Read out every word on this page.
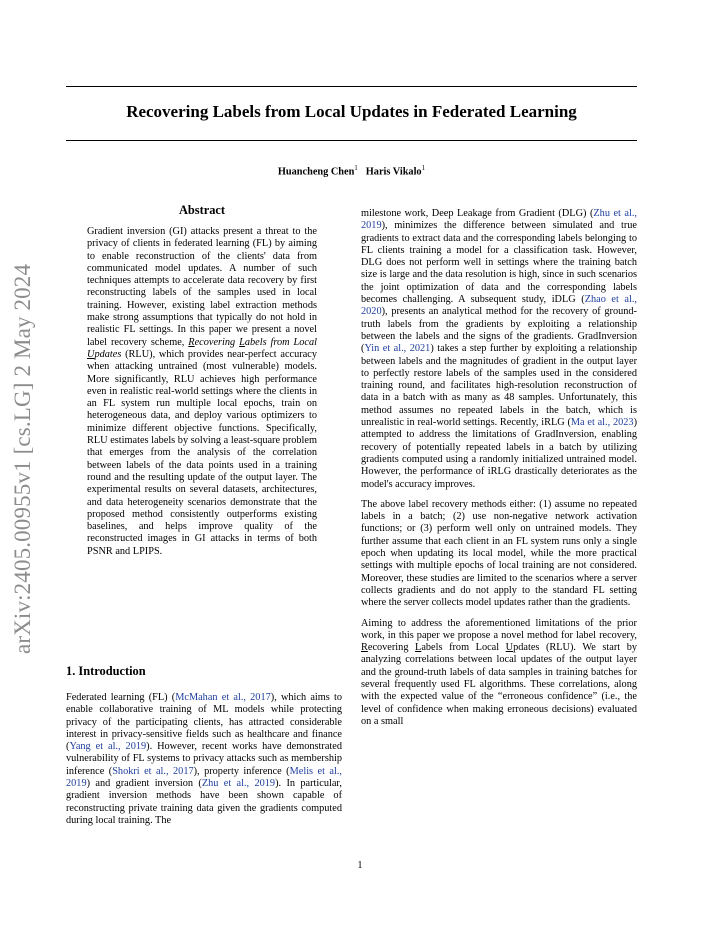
Recovering Labels from Local Updates in Federated Learning
Huancheng Chen$^1$ Haris Vikalo$^1$
arXiv:2405.00955v1 [cs.LG] 2 May 2024
Abstract

Gradient inversion (GI) attacks present a threat to the privacy of clients in federated learning (FL) by aiming to enable reconstruction of the clients' data from communicated model updates. A number of such techniques attempts to accelerate data recovery by first reconstructing labels of the samples used in local training. However, existing label extraction methods make strong assumptions that typically do not hold in realistic FL settings. In this paper we present a novel label recovery scheme, Recovering Labels from Local Updates (RLU), which provides near-perfect accuracy when attacking untrained (most vulnerable) models. More significantly, RLU achieves high performance even in realistic real-world settings where the clients in an FL system run multiple local epochs, train on heterogeneous data, and deploy various optimizers to minimize different objective functions. Specifically, RLU estimates labels by solving a least-square problem that emerges from the analysis of the correlation between labels of the data points used in a training round and the resulting update of the output layer. The experimental results on several datasets, architectures, and data heterogeneity scenarios demonstrate that the proposed method consistently outperforms existing baselines, and helps improve quality of the reconstructed images in GI attacks in terms of both PSNR and LPIPS.

1. Introduction

Federated learning (FL) (McMahan et al., 2017), which aims to enable collaborative training of ML models while protecting privacy of the participating clients, has attracted considerable interest in privacy-sensitive fields such as healthcare and finance (Yang et al., 2019). However, recent works have demonstrated vulnerability of FL systems to privacy attacks such as membership inference (Shokri et al., 2017), property inference (Melis et al., 2019) and gradient inversion (Zhu et al., 2019). In particular, gradient inversion methods have been shown capable of reconstructing private training data given the gradients computed during local training. The

milestone work, Deep Leakage from Gradient (DLG) (Zhu et al., 2019), minimizes the difference between simulated and true gradients to extract data and the corresponding labels belonging to FL clients training a model for a classification task. However, DLG does not perform well in settings where the training batch size is large and the data resolution is high, since in such scenarios the joint optimization of data and the corresponding labels becomes challenging. A subsequent study, iDLG (Zhao et al., 2020), presents an analytical method for the recovery of ground-truth labels from the gradients by exploiting a relationship between the labels and the signs of the gradients. GradInversion (Yin et al., 2021) takes a step further by exploiting a relationship between labels and the magnitudes of gradient in the output layer to perfectly restore labels of the samples used in the considered training round, and facilitates high-resolution reconstruction of data in a batch with as many as 48 samples. Unfortunately, this method assumes no repeated labels in the batch, which is unrealistic in real-world settings. Recently, iRLG (Ma et al., 2023) attempted to address the limitations of GradInversion, enabling recovery of potentially repeated labels in a batch by utilizing gradients computed using a randomly initialized untrained model. However, the performance of iRLG drastically deteriorates as the model's accuracy improves.

The above label recovery methods either: (1) assume no repeated labels in a batch; (2) use non-negative network activation functions; or (3) perform well only on untrained models. They further assume that each client in an FL system runs only a single epoch when updating its local model, while the more practical settings with multiple epochs of local training are not considered. Moreover, these studies are limited to the scenarios where a server collects gradients and do not apply to the standard FL setting where the server collects model updates rather than the gradients.

Aiming to address the aforementioned limitations of the prior work, in this paper we propose a novel method for label recovery, Recovering Labels from Local Updates (RLU). We start by analyzing correlations between local updates of the output layer and the ground-truth labels of data samples in training batches for several frequently used FL algorithms. These correlations, along with the expected value of the “erroneous confidence” (i.e., the level of confidence when making erroneous decisions) evaluated on a small

1
